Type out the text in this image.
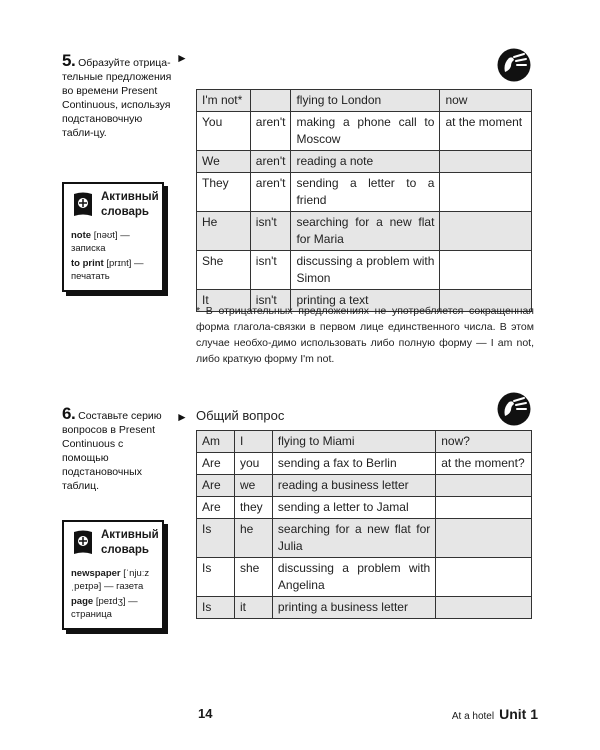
5. Образуйте отрица-тельные предложения во времени Present Continuous, используя подстановочную табли-цу.
Активный
словарь

note [nəʊt] — записка

to print [prɪnt] — печатать

►
I'm not*		flying to London	now
You	aren't	making a phone call to Moscow	at the moment
We	aren't	reading a note	
They	aren't	sending a letter to a friend	
He	isn't	searching for a new flat for Maria	
She	isn't	discussing a problem with Simon	
It	isn't	printing a text	
* В отрицательных предложениях не употребляется сокращенная форма глагола-связки в первом лице единственного числа. В этом случае необхо-димо использовать либо полную форму — I am not, либо краткую форму I'm not.
6. Составьте серию вопросов в Present Continuous с помощью подстановочных таблиц.
Активный
словарь

newspaper [ˈnjuːzˌpeɪpə] — газета

page [peɪdʒ] — страница

► Общий вопрос
Am	I	flying to Miami	now?
Are	you	sending a fax to Berlin	at the moment?
Are	we	reading a business letter	
Are	they	sending a letter to Jamal	
Is	he	searching for a new flat for Julia	
Is	she	discussing a problem with Angelina	
Is	it	printing a business letter	
14	At a hotel Unit 1
